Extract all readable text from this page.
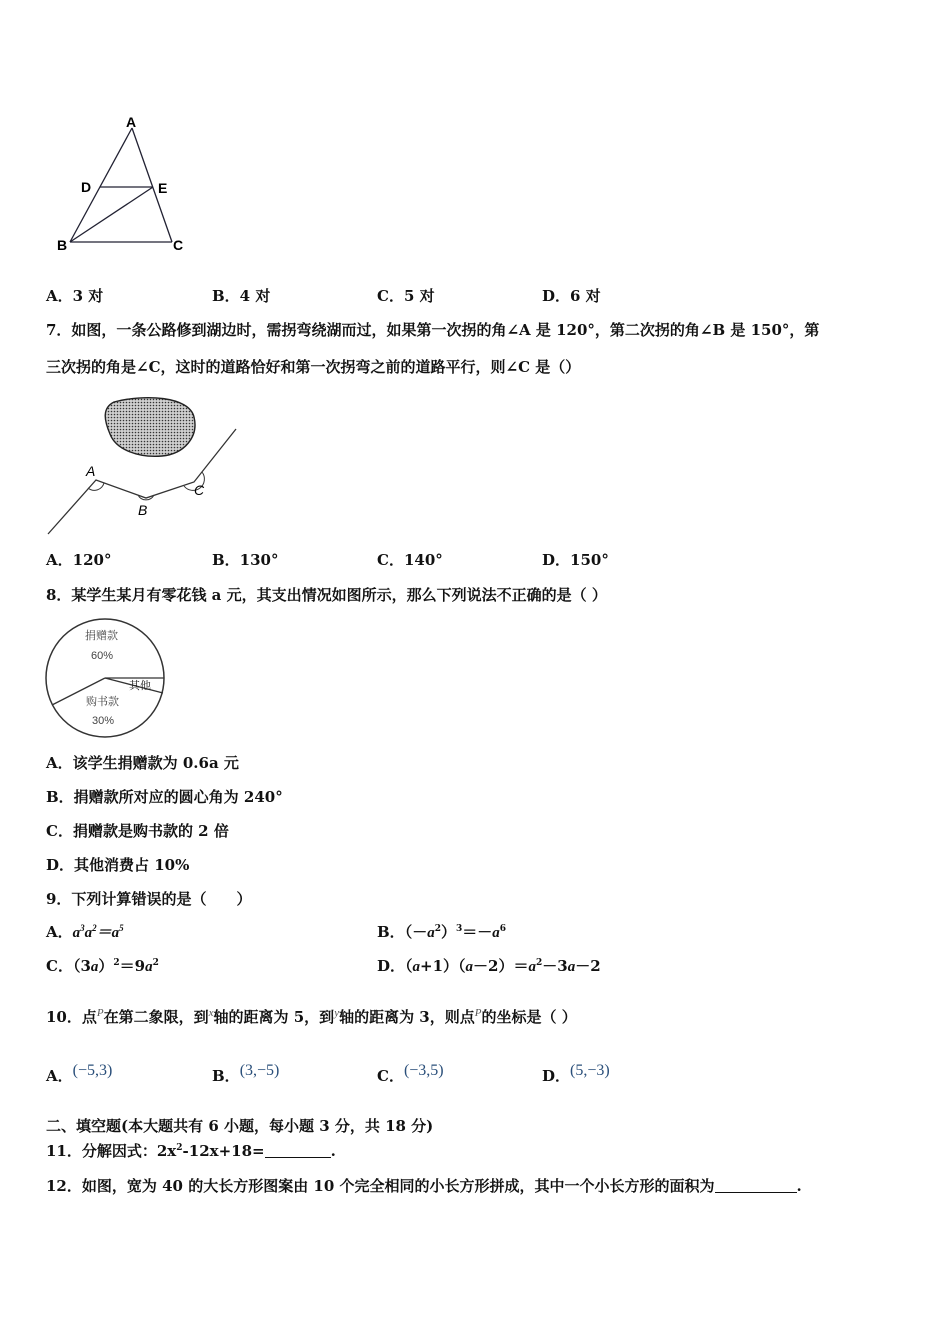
A
D	E
B	C
A．3 对	B．4 对	C．5 对	D．6 对
7．如图，一条公路修到湖边时，需拐弯绕湖而过，如果第一次拐的角∠A 是 120°，第二次拐的角∠B 是 150°，第
三次拐的角是∠C，这时的道路恰好和第一次拐弯之前的道路平行，则∠C 是（）
A
B
C
A．120°	B．130°	C．140°	D．150°
8．某学生某月有零花钱 a 元，其支出情况如图所示，那么下列说法不正确的是（ ）
捐赠款
60%
其他
购书款
30%
A．该学生捐赠款为 0.6a 元
B．捐赠款所对应的圆心角为 240°
C．捐赠款是购书款的 2 倍
D．其他消费占 10%
9．下列计算错误的是（　　）
A．$a^3a^2=a^5$	B．$(-a^2)^3=-a^6$
C．$(3a)^2=9a^2$	D．$(a+1)(a-2)=a^2-3a-2$
10．点$^P$在第二象限，到$^x$轴的距离为 5，到$^y$轴的距离为 3，则点$^P$的坐标是（ ）
A．(−5,3)	B．(3,−5)	C．(−3,5)	D．(5,−3)
二、填空题(本大题共有 6 小题，每小题 3 分，共 18 分)
11．分解因式：$2x^2-12x+18=$	.
12．如图，宽为 40 的大长方形图案由 10 个完全相同的小长方形拼成，其中一个小长方形的面积为	.
